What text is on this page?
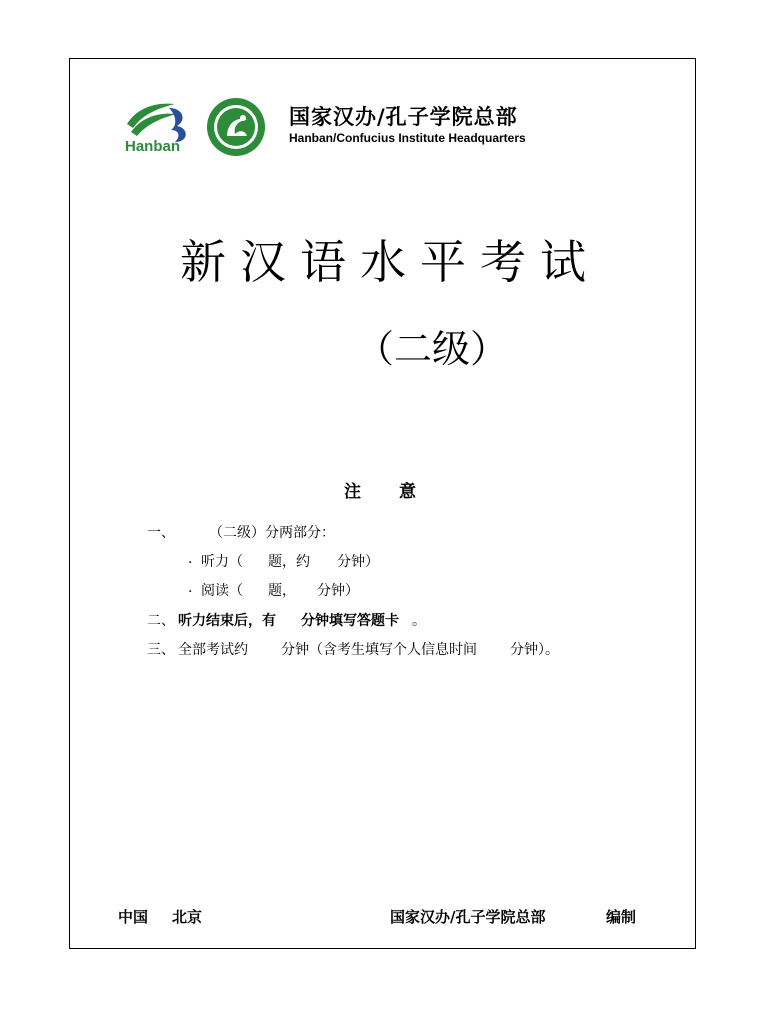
Hanban
国家汉办/孔子学院总部
Hanban/Confucius Institute Headquarters
新汉语水平考试
（二级）
注 意
一、 （二级）分两部分：
. 听力（ 题，约 分钟）
. 阅读（ 题， 分钟）
二、 听力结束后，有 分钟填写答题卡 。
三、 全部考试约 分钟（含考生填写个人信息时间 分钟）。
中国 北京	国家汉办/孔子学院总部	编制
